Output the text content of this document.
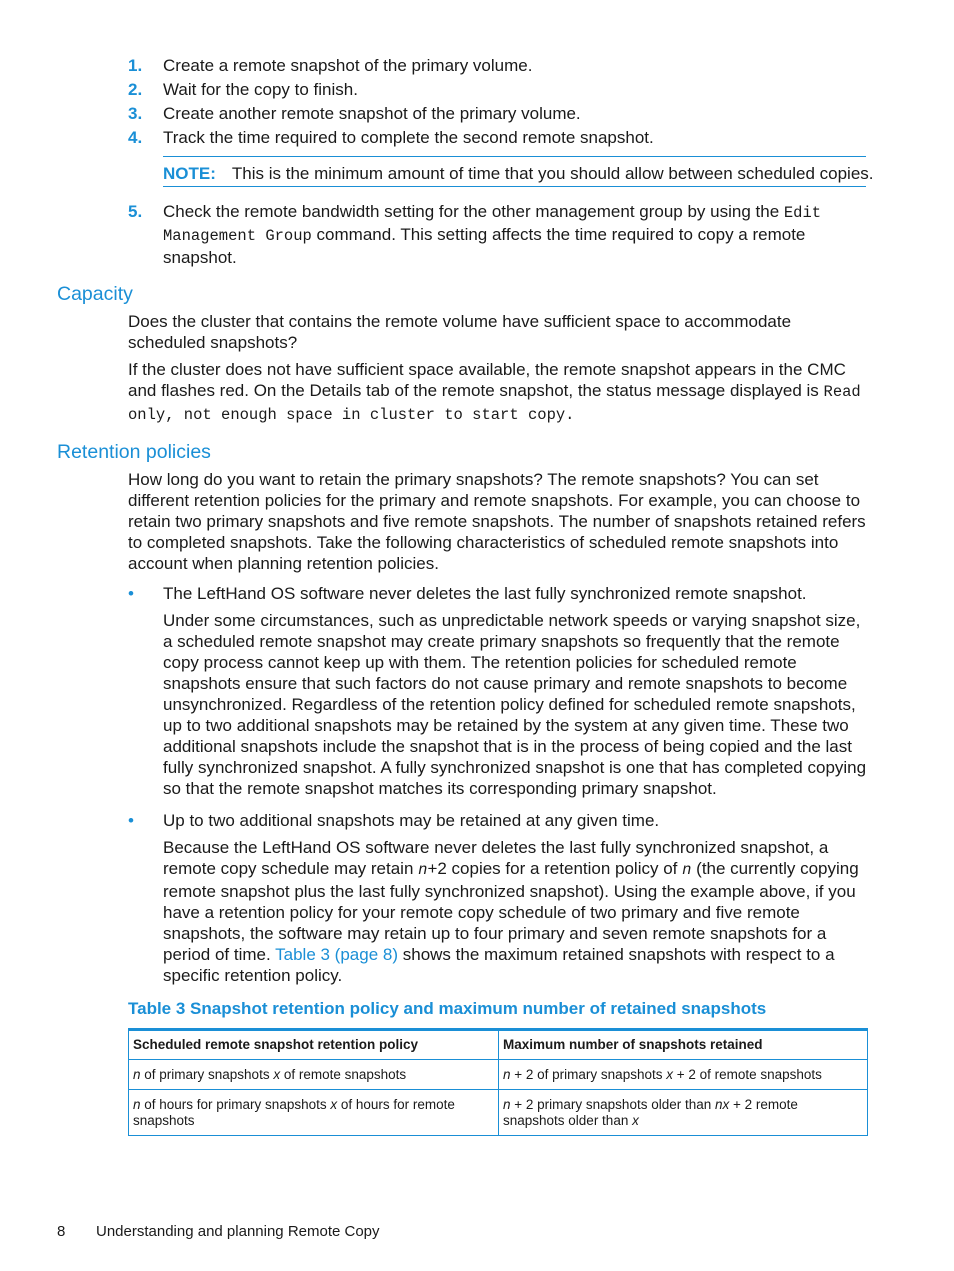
1.	Create a remote snapshot of the primary volume.
2.	Wait for the copy to finish.
3.	Create another remote snapshot of the primary volume.
4.	Track the time required to complete the second remote snapshot.
NOTE: This is the minimum amount of time that you should allow between scheduled copies.
5.	Check the remote bandwidth setting for the other management group by using the Edit
Management Group command. This setting affects the time required to copy a remote snapshot.
Capacity
Does the cluster that contains the remote volume have sufficient space to accommodate scheduled snapshots?
If the cluster does not have sufficient space available, the remote snapshot appears in the CMC and flashes red. On the Details tab of the remote snapshot, the status message displayed is Read
only, not enough space in cluster to start copy.
Retention policies
How long do you want to retain the primary snapshots? The remote snapshots? You can set different retention policies for the primary and remote snapshots. For example, you can choose to retain two primary snapshots and five remote snapshots. The number of snapshots retained refers to completed snapshots. Take the following characteristics of scheduled remote snapshots into account when planning retention policies.
• The LeftHand OS software never deletes the last fully synchronized remote snapshot.
Under some circumstances, such as unpredictable network speeds or varying snapshot size, a scheduled remote snapshot may create primary snapshots so frequently that the remote copy process cannot keep up with them. The retention policies for scheduled remote snapshots ensure that such factors do not cause primary and remote snapshots to become unsynchronized. Regardless of the retention policy defined for scheduled remote snapshots, up to two additional snapshots may be retained by the system at any given time. These two additional snapshots include the snapshot that is in the process of being copied and the last fully synchronized snapshot. A fully synchronized snapshot is one that has completed copying so that the remote snapshot matches its corresponding primary snapshot.
• Up to two additional snapshots may be retained at any given time.
Because the LeftHand OS software never deletes the last fully synchronized snapshot, a remote copy schedule may retain n+2 copies for a retention policy of n (the currently copying remote snapshot plus the last fully synchronized snapshot). Using the example above, if you have a retention policy for your remote copy schedule of two primary and five remote snapshots, the software may retain up to four primary and seven remote snapshots for a period of time. Table 3 (page 8) shows the maximum retained snapshots with respect to a specific retention policy.
Table 3 Snapshot retention policy and maximum number of retained snapshots
Scheduled remote snapshot retention policy	Maximum number of snapshots retained
n of primary snapshots x of remote snapshots	n + 2 of primary snapshots x + 2 of remote snapshots
n of hours for primary snapshots x of hours for remote snapshots	n + 2 primary snapshots older than nx + 2 remote snapshots older than x
8 Understanding and planning Remote Copy
